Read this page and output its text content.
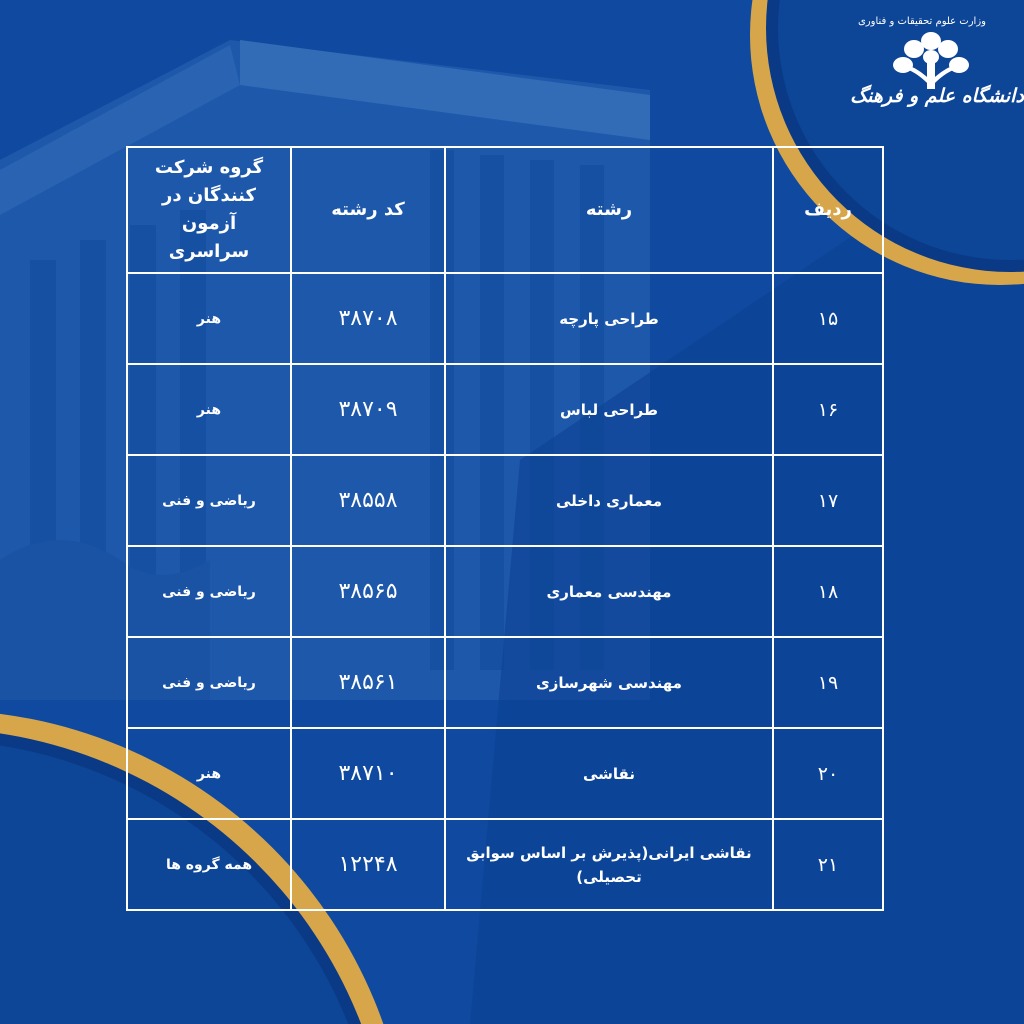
وزارت علوم تحقیقات و فناوری
دانشگاه علم و فرهنگ
ردیف	رشته	کد رشته	گروه شرکت کنندگان در آزمون سراسری
۱۵	طراحی پارچه	۳۸۷۰۸	هنر
۱۶	طراحی لباس	۳۸۷۰۹	هنر
۱۷	معماری داخلی	۳۸۵۵۸	ریاضی و فنی
۱۸	مهندسی معماری	۳۸۵۶۵	ریاضی و فنی
۱۹	مهندسی شهرسازی	۳۸۵۶۱	ریاضی و فنی
۲۰	نقاشی	۳۸۷۱۰	هنر
۲۱	نقاشی ایرانی(پذیرش بر اساس سوابق تحصیلی)	۱۲۲۴۸	همه گروه ها
